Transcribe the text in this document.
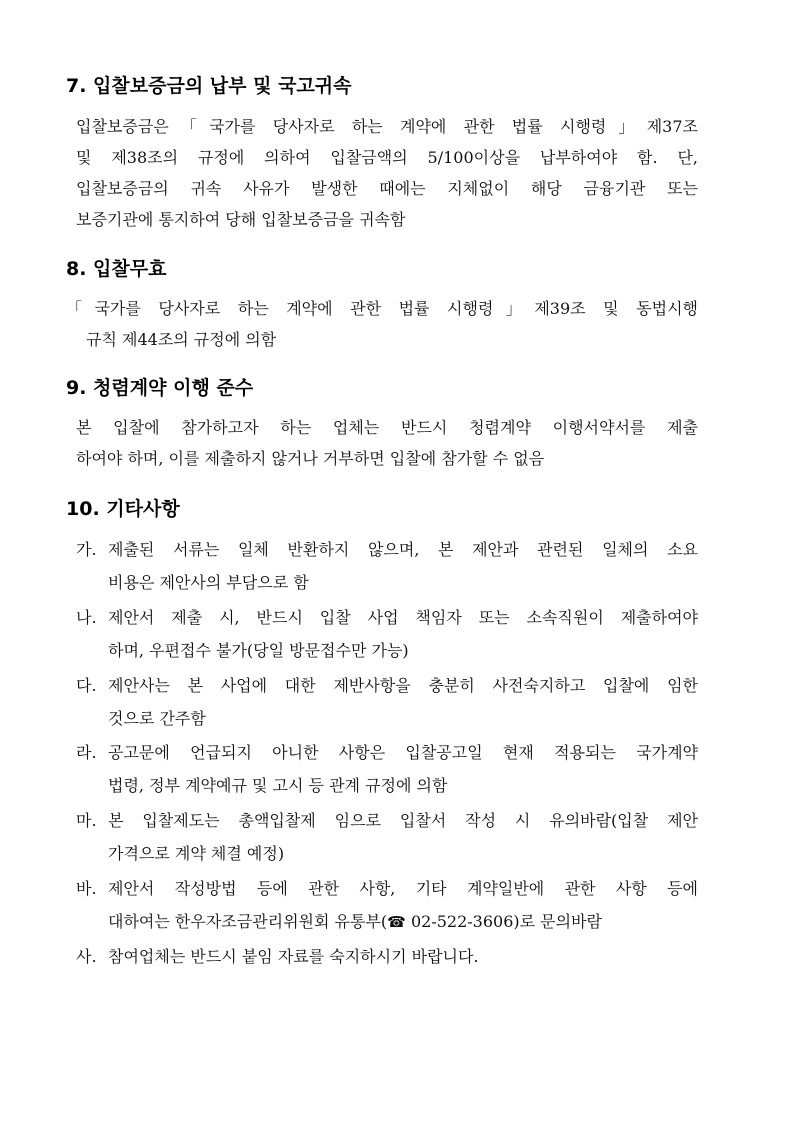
7. 입찰보증금의 납부 및 국고귀속
입찰보증금은「국가를 당사자로 하는 계약에 관한 법률 시행령」제37조
및 제38조의 규정에 의하여 입찰금액의 5/100이상을 납부하여야 함. 단,
입찰보증금의 귀속 사유가 발생한 때에는 지체없이 해당 금융기관 또는
보증기관에 통지하여 당해 입찰보증금을 귀속함
8. 입찰무효
「국가를 당사자로 하는 계약에 관한 법률 시행령」제39조 및 동법시행
규칙 제44조의 규정에 의함
9. 청렴계약 이행 준수
본 입찰에 참가하고자 하는 업체는 반드시 청렴계약 이행서약서를 제출
하여야 하며, 이를 제출하지 않거나 거부하면 입찰에 참가할 수 없음
10. 기타사항
가. 제출된 서류는 일체 반환하지 않으며, 본 제안과 관련된 일체의 소요
비용은 제안사의 부담으로 함
나. 제안서 제출 시, 반드시 입찰 사업 책임자 또는 소속직원이 제출하여야
하며, 우편접수 불가(당일 방문접수만 가능)
다. 제안사는 본 사업에 대한 제반사항을 충분히 사전숙지하고 입찰에 임한
것으로 간주함
라. 공고문에 언급되지 아니한 사항은 입찰공고일 현재 적용되는 국가계약
법령, 정부 계약예규 및 고시 등 관계 규정에 의함
마. 본 입찰제도는 총액입찰제 임으로 입찰서 작성 시 유의바람(입찰 제안
가격으로 계약 체결 예정)
바. 제안서 작성방법 등에 관한 사항, 기타 계약일반에 관한 사항 등에
대하여는 한우자조금관리위원회 유통부(☎ 02-522-3606)로 문의바람
사. 참여업체는 반드시 붙임 자료를 숙지하시기 바랍니다.
